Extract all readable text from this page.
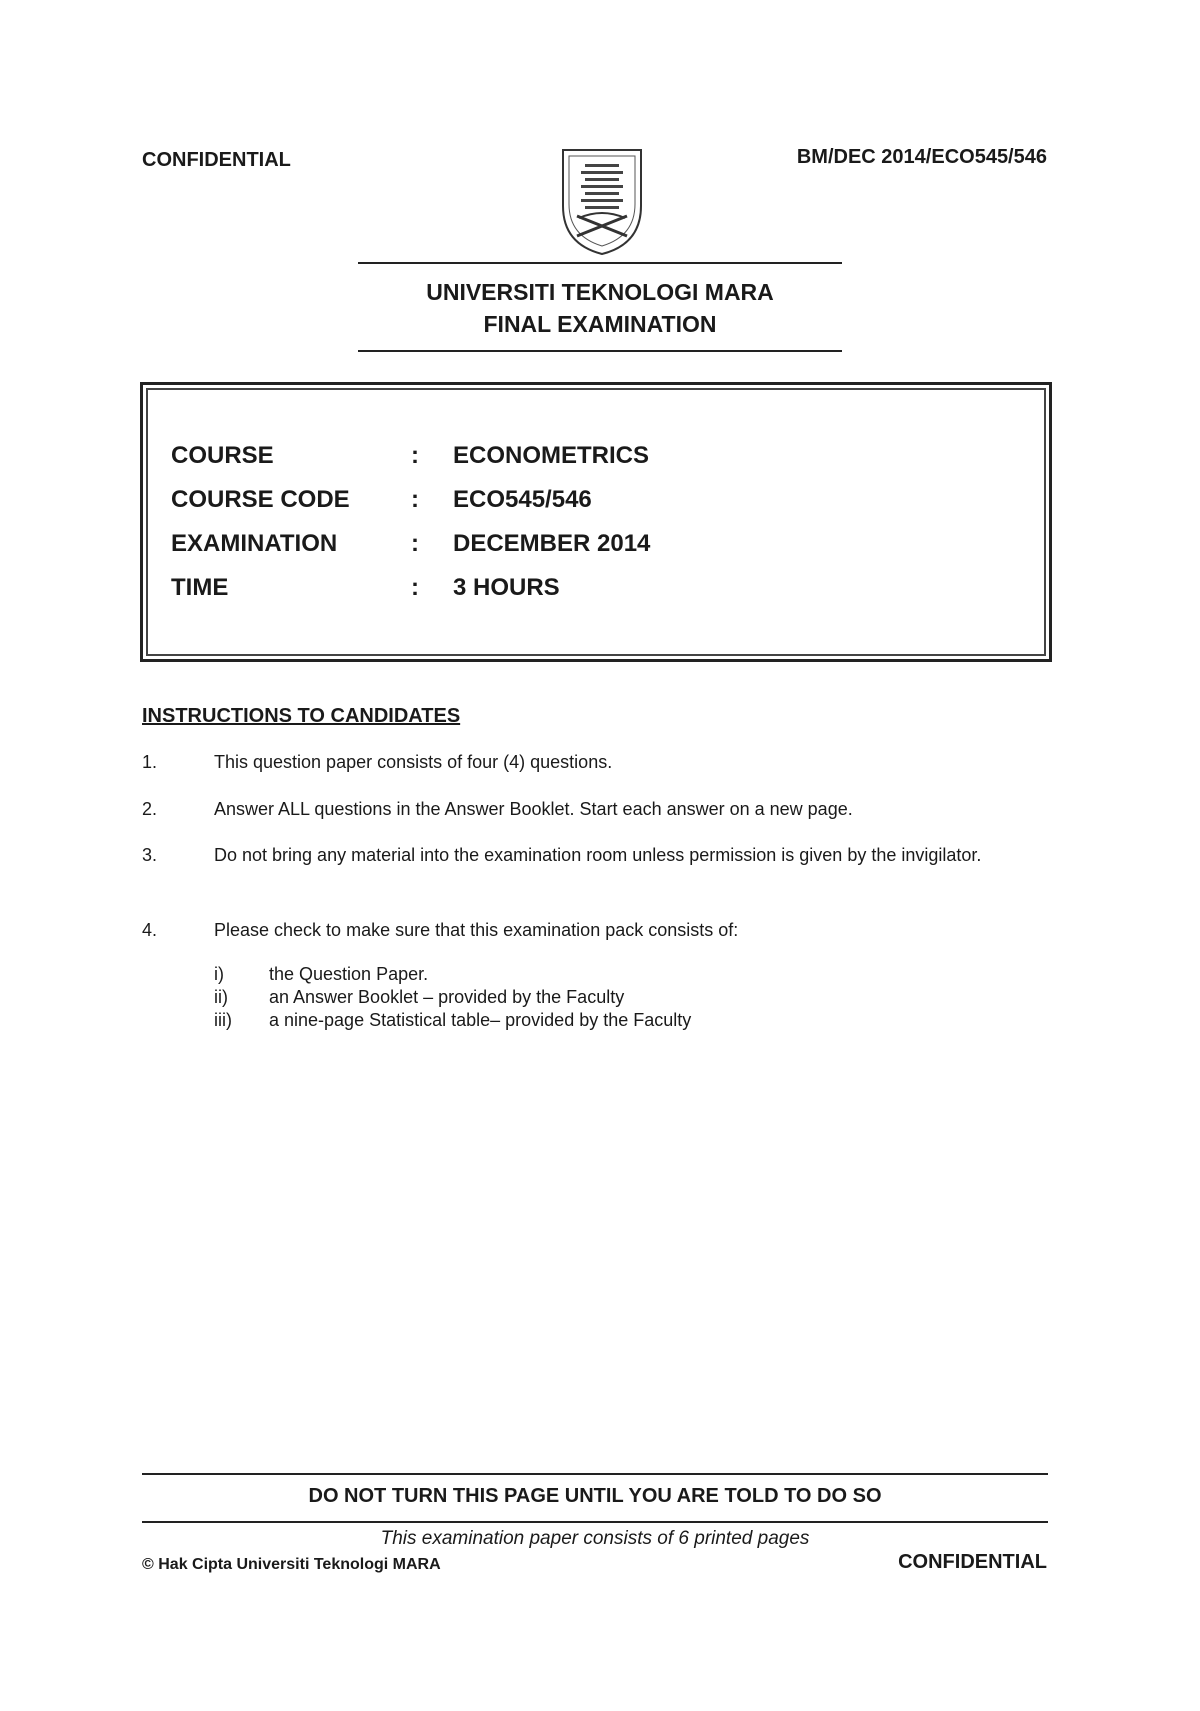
CONFIDENTIAL	BM/DEC 2014/ECO545/546
UNIVERSITI TEKNOLOGI MARA
FINAL EXAMINATION
COURSE	: ECONOMETRICS
COURSE CODE	: ECO545/546
EXAMINATION	: DECEMBER 2014
TIME	: 3 HOURS
INSTRUCTIONS TO CANDIDATES
1.	This question paper consists of four (4) questions.
2.	Answer ALL questions in the Answer Booklet. Start each answer on a new page.
3.	Do not bring any material into the examination room unless permission is given by the invigilator.
4.	Please check to make sure that this examination pack consists of:
i)	the Question Paper.
ii)	an Answer Booklet – provided by the Faculty
iii)	a nine-page Statistical table– provided by the Faculty
DO NOT TURN THIS PAGE UNTIL YOU ARE TOLD TO DO SO
This examination paper consists of 6 printed pages
© Hak Cipta Universiti Teknologi MARA	CONFIDENTIAL
